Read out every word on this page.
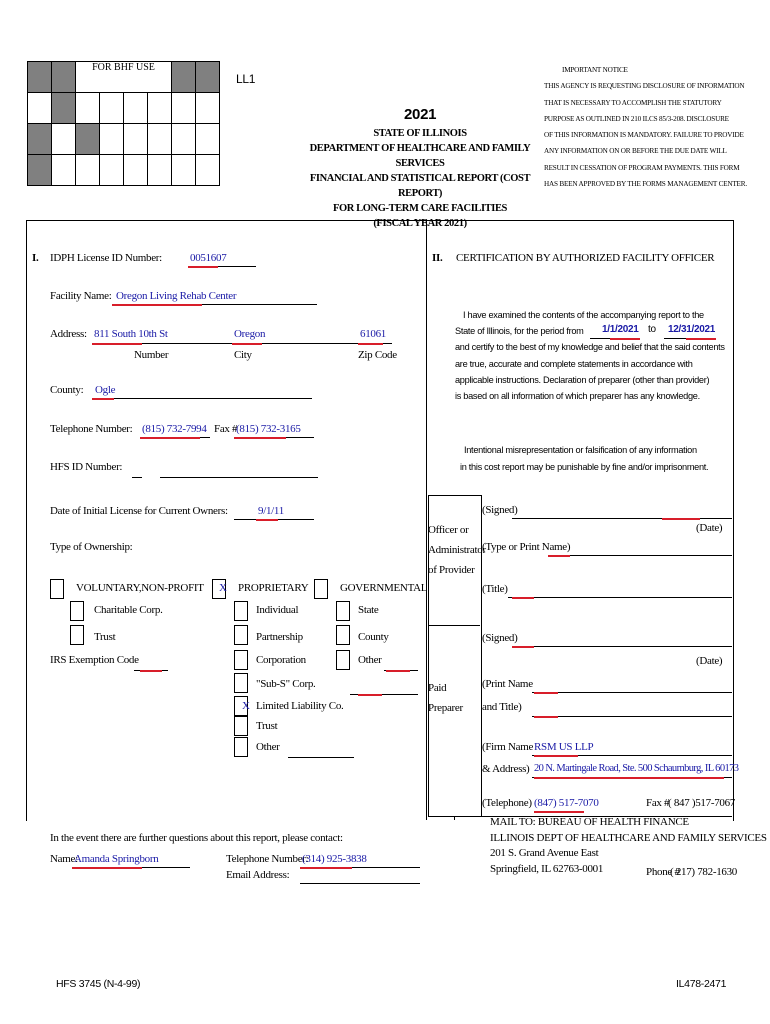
		FOR BHF USE					

LL1
2021
STATE OF ILLINOIS
DEPARTMENT OF HEALTHCARE AND FAMILY SERVICES
FINANCIAL AND STATISTICAL REPORT (COST REPORT)
FOR LONG-TERM CARE FACILITIES
(FISCAL YEAR 2021)
IMPORTANT NOTICE
THIS AGENCY IS REQUESTING DISCLOSURE OF INFORMATION
THAT IS NECESSARY TO ACCOMPLISH THE STATUTORY
PURPOSE AS OUTLINED IN 210 ILCS 85/3-208. DISCLOSURE
OF THIS INFORMATION IS MANDATORY. FAILURE TO PROVIDE
ANY INFORMATION ON OR BEFORE THE DUE DATE WILL
RESULT IN CESSATION OF PROGRAM PAYMENTS. THIS FORM
HAS BEEN APPROVED BY THE FORMS MANAGEMENT CENTER.
I. IDPH License ID Number:	0051607
Facility Name: Oregon Living Rehab Center
Address: 811 South 10th St	Oregon	61061
Number	City	Zip Code
County: Ogle
Telephone Number: (815) 732-7994 Fax #
(815) 732-3165
HFS ID Number:
Date of Initial License for Current Owners:	9/1/11
Type of Ownership:
VOLUNTARY,NON-PROFIT
Charitable Corp.
Trust
IRS Exemption Code
X PROPRIETARY
Individual
Partnership
Corporation
"Sub-S" Corp.
X Limited Liability Co.
Trust
Other
GOVERNMENTAL
State
County
Other
In the event there are further questions about this report, please contact:
Name:
Amanda Springborn	Telephone Number:
(314) 925-3838
Email Address:
II. CERTIFICATION BY AUTHORIZED FACILITY OFFICER
I have examined the contents of the accompanying report to the
State of Illinois, for the period from
and certify to the best of my knowledge and belief that the said contents
are true, accurate and complete statements in accordance with
applicable instructions. Declaration of preparer (other than provider)
is based on all information of which preparer has any knowledge.
1/1/2021 to 12/31/2021
Intentional misrepresentation or falsification of any information
in this cost report may be punishable by fine and/or imprisonment.
Officer or
Administrator
of Provider
(Signed)
(Date)
(Type or Print Name)
(Title)
Paid
Preparer
(Signed)
(Date)
(Print Name
and Title)
(Firm Name RSM US LLP
& Address) 20 N. Martingale Road, Ste. 500 Schaumburg, IL 60173
(Telephone) (847) 517-7070	Fax #
( 847 )517-7067
MAIL TO: BUREAU OF HEALTH FINANCE
ILLINOIS DEPT OF HEALTHCARE AND FAMILY SERVICES
201 S. Grand Avenue East
Springfield, IL 62763-0001	Phone #
( 217) 782-1630
HFS 3745 (N-4-99)	IL478-2471
